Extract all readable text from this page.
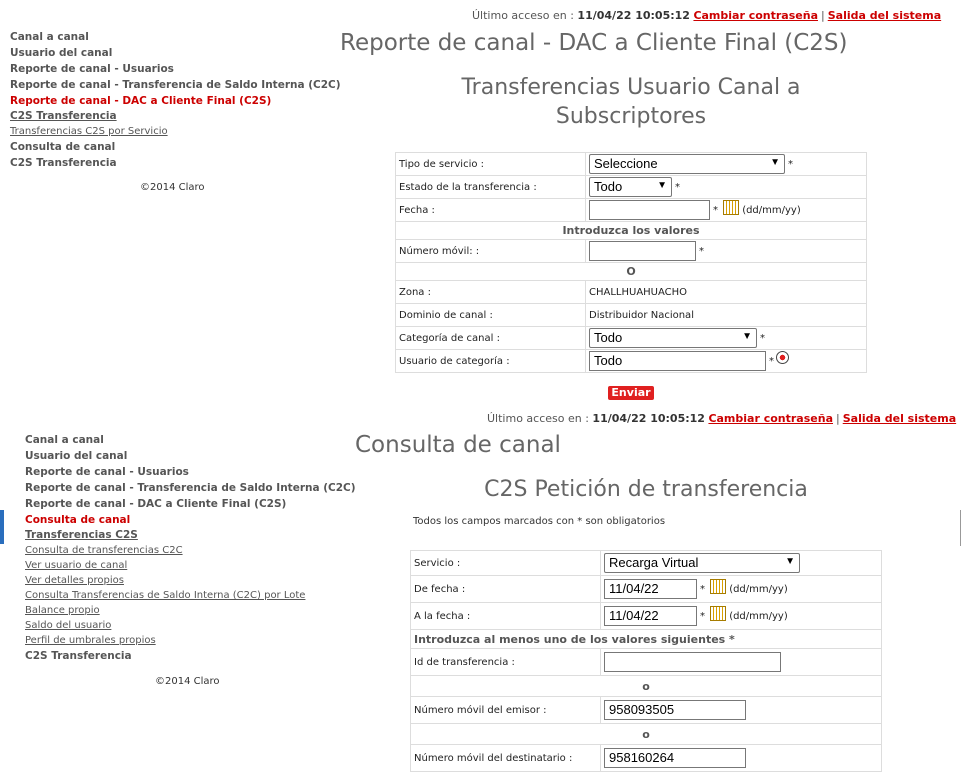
Último acceso en : 11/04/22 10:05:12 Cambiar contraseña | Salida del sistema
Canal a canal
Usuario del canal
Reporte de canal - Usuarios
Reporte de canal - Transferencia de Saldo Interna (C2C)
Reporte de canal - DAC a Cliente Final (C2S)
C2S Transferencia
Transferencias C2S por Servicio
Consulta de canal
C2S Transferencia
©2014 Claro
Reporte de canal - DAC a Cliente Final (C2S)
Transferencias Usuario Canal a
Subscriptores
Tipo de servicio :	Seleccione ▼ *
Estado de la transferencia :	Todo ▼ *
Fecha :	* (dd/mm/yy)
Introduzca los valores	
Número móvil: :	*
O	
Zona :	CHALLHUAHUACHO
Dominio de canal :	Distribuidor Nacional
Categoría de canal :	Todo ▼ *
Usuario de categoría :	Todo *
Enviar
Último acceso en : 11/04/22 10:05:12 Cambiar contraseña | Salida del sistema
Canal a canal
Usuario del canal
Reporte de canal - Usuarios
Reporte de canal - Transferencia de Saldo Interna (C2C)
Reporte de canal - DAC a Cliente Final (C2S)
Consulta de canal
Transferencias C2S
Consulta de transferencias C2C
Ver usuario de canal
Ver detalles propios
Consulta Transferencias de Saldo Interna (C2C) por Lote
Balance propio
Saldo del usuario
Perfil de umbrales propios
C2S Transferencia
©2014 Claro
Consulta de canal
C2S Petición de transferencia
Todos los campos marcados con * son obligatorios
Servicio :	Recarga Virtual ▼

De fecha :	11/04/22 * (dd/mm/yy)
A la fecha :	11/04/22 * (dd/mm/yy)
Introduzca al menos uno de los valores siguientes *	
Id de transferencia :	
o	
Número móvil del emisor :	958093505
o	
Número móvil del destinatario :	958160264
